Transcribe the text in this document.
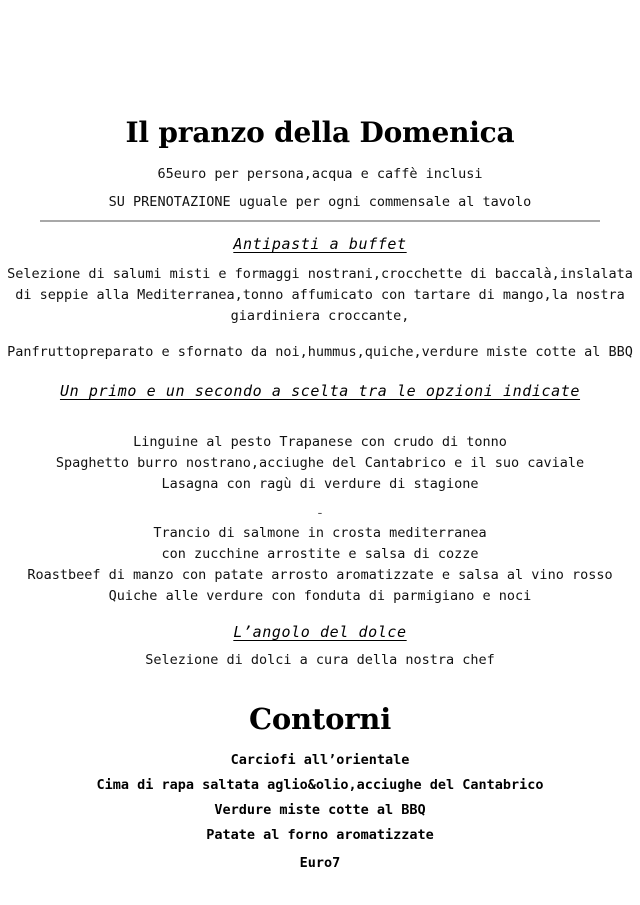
Il pranzo della Domenica
65euro per persona,acqua e caffè inclusi
SU PRENOTAZIONE uguale per ogni commensale al tavolo
Antipasti a buffet
Selezione di salumi misti e formaggi nostrani,crocchette di baccalà,inslalata
di seppie alla Mediterranea,tonno affumicato con tartare di mango,la nostra
giardiniera croccante,
Panfruttopreparato e sfornato da noi,hummus,quiche,verdure miste cotte al BBQ
Un primo e un secondo a scelta tra le opzioni indicate
Linguine al pesto Trapanese con crudo di tonno
Spaghetto burro nostrano,acciughe del Cantabrico e il suo caviale
Lasagna con ragù di verdure di stagione
-
Trancio di salmone in crosta mediterranea
con zucchine arrostite e salsa di cozze
Roastbeef di manzo con patate arrosto aromatizzate e salsa al vino rosso
Quiche alle verdure con fonduta di parmigiano e noci
L’angolo del dolce
Selezione di dolci a cura della nostra chef
Contorni
Carciofi all’orientale
Cima di rapa saltata aglio&olio,acciughe del Cantabrico
Verdure miste cotte al BBQ
Patate al forno aromatizzate
Euro7
